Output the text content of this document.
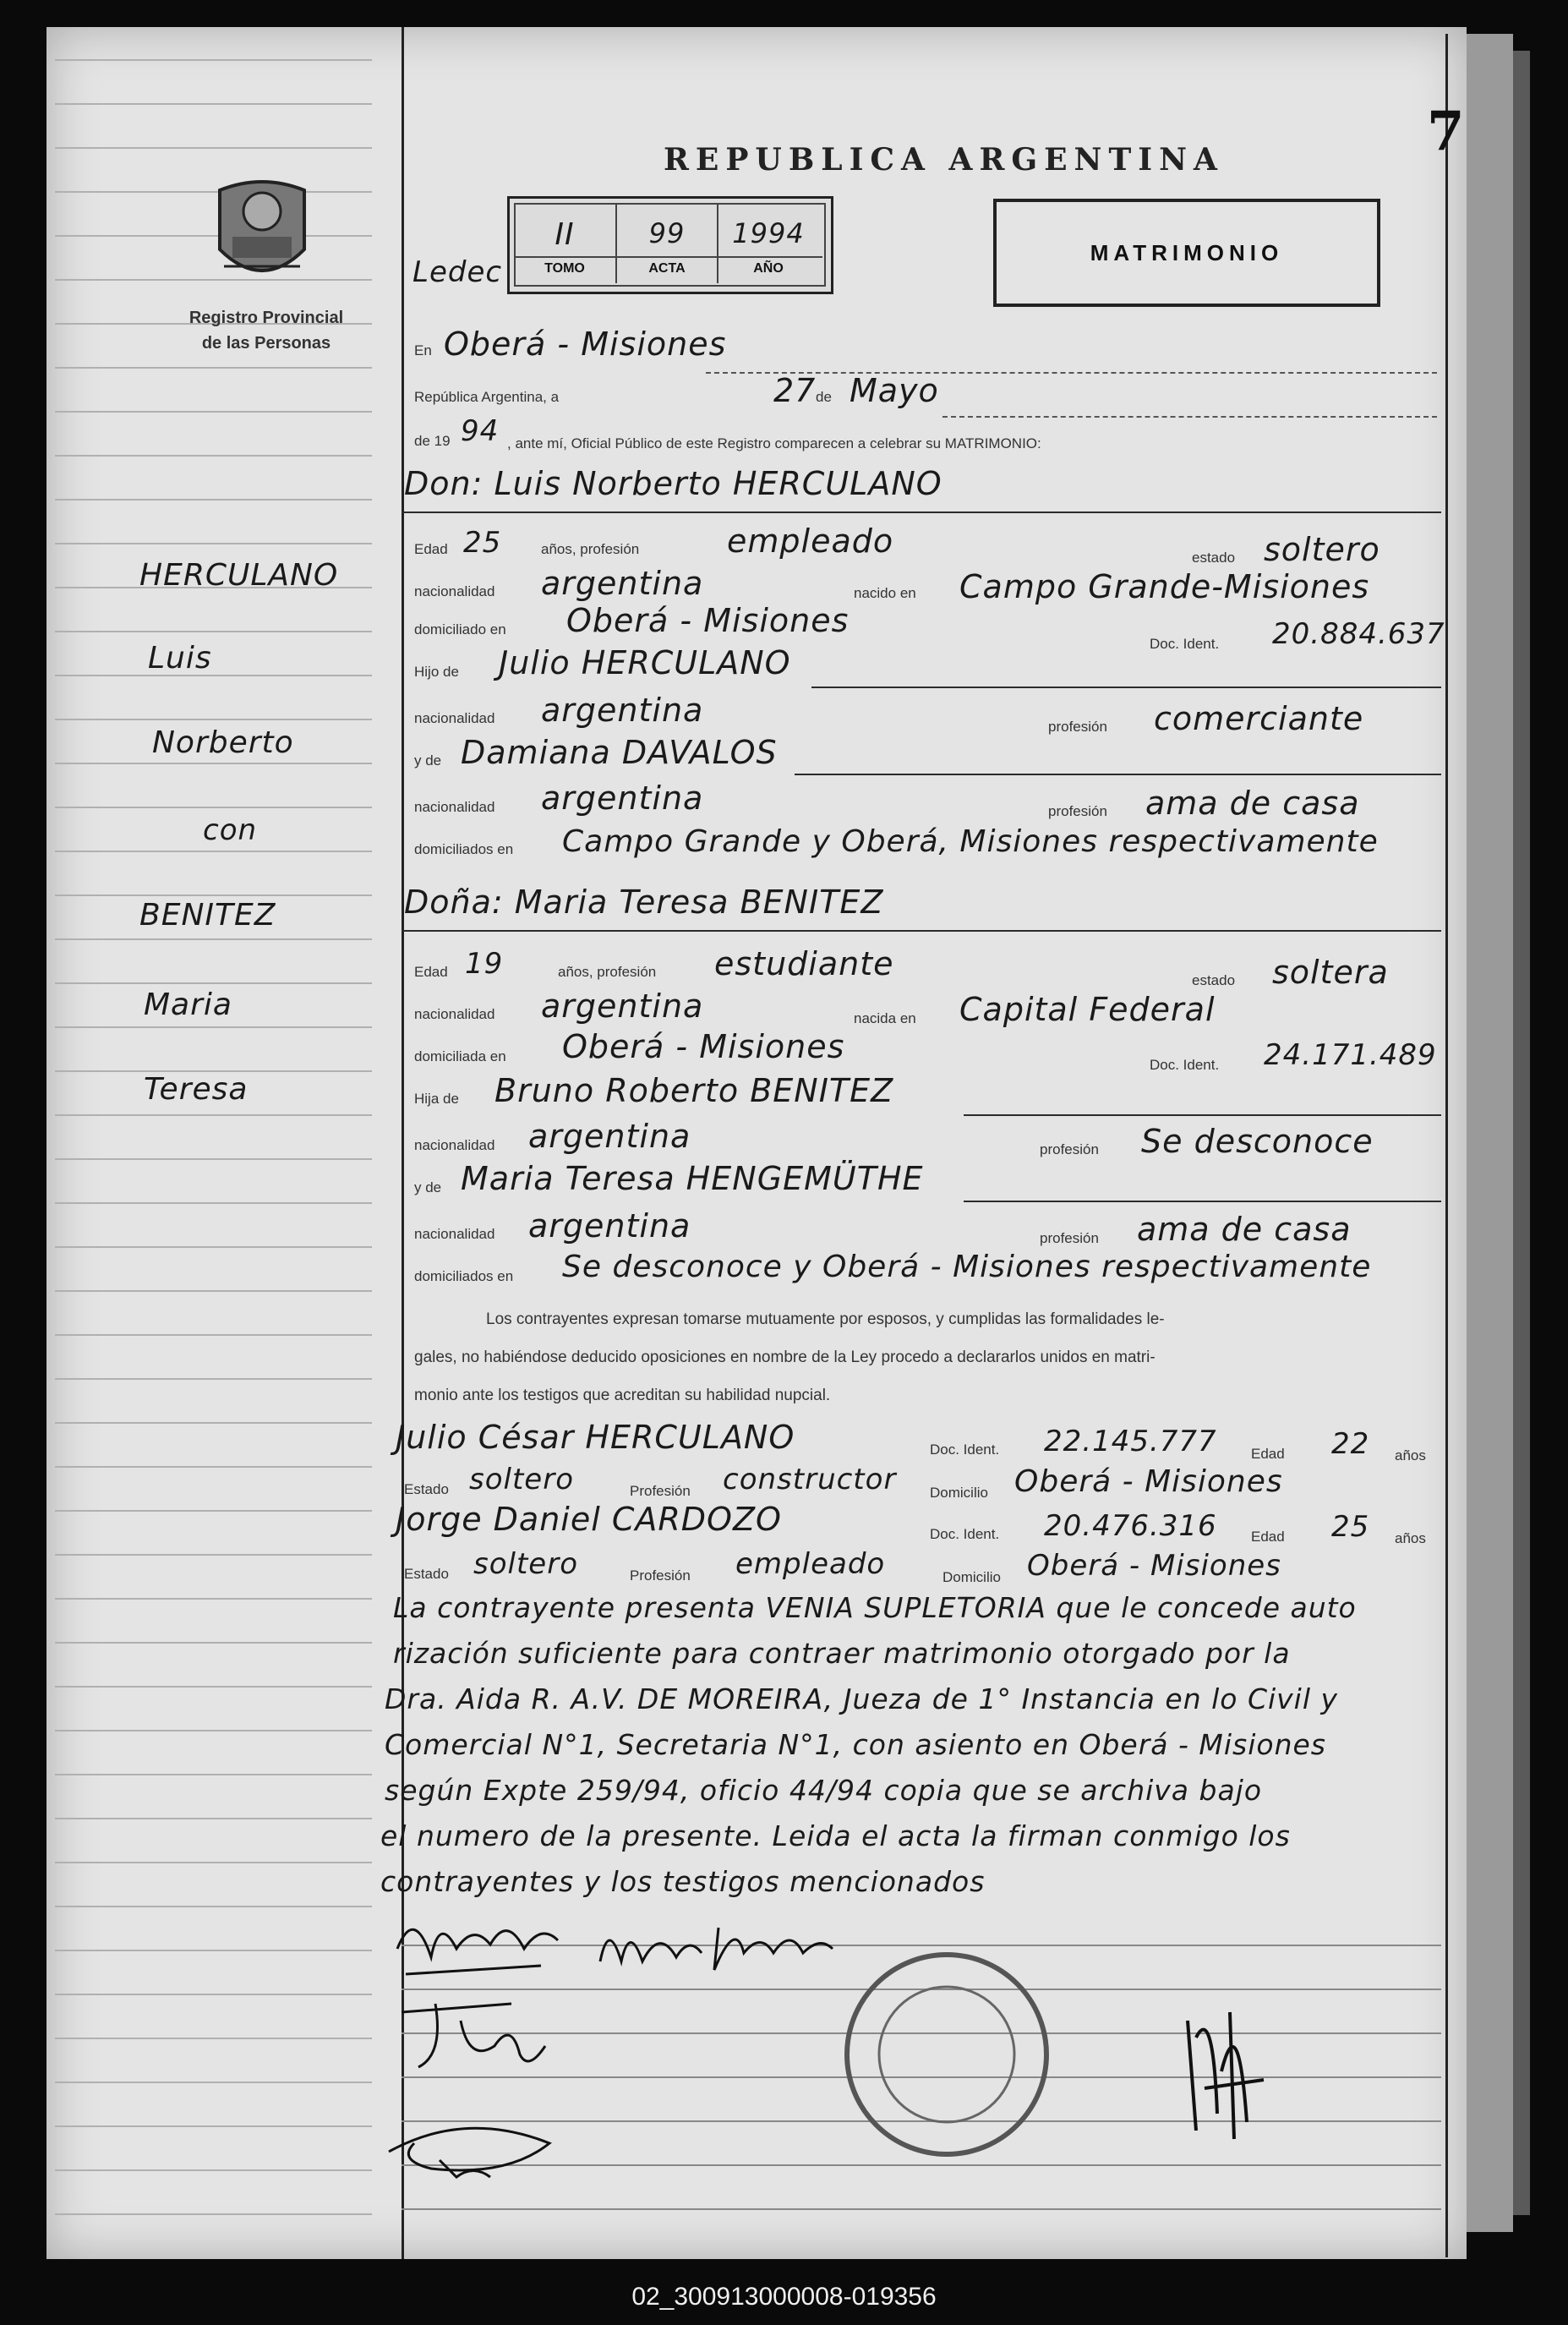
7
REPUBLICA ARGENTINA
Registro Provincial
de las Personas
Ledec
II	99	1994
TOMO	ACTA	AÑO
MATRIMONIO
HERCULANO
Luis
Norberto
con
BENITEZ
Maria
Teresa
En Oberá - Misiones
República Argentina, a	27 de Mayo
de 19 94 , ante mí, Oficial Público de este Registro comparecen a celebrar su MATRIMONIO:
Don: Luis Norberto HERCULANO
Edad 25	años, profesión	empleado	estado soltero
nacionalidad argentina	nacido en Campo Grande-Misiones
domiciliado en Oberá - Misiones
Doc. Ident. 20.884.637
Hijo de Julio HERCULANO
nacionalidad argentina	profesión comerciante
y de Damiana DAVALOS
nacionalidad argentina	profesión ama de casa
domiciliados en Campo Grande y Oberá, Misiones respectivamente
Doña: Maria Teresa BENITEZ
Edad 19	años, profesión estudiante	estado soltera
nacionalidad argentina	nacida en Capital Federal
domiciliada en Oberá - Misiones	Doc. Ident. 24.171.489
Hija de Bruno Roberto BENITEZ
nacionalidad argentina	profesión Se desconoce
y de Maria Teresa HENGEMÜTHE
nacionalidad argentina	profesión ama de casa
domiciliados en Se desconoce y Oberá - Misiones respectivamente
Los contrayentes expresan tomarse mutuamente por esposos, y cumplidas las formalidades le-
gales, no habiéndose deducido oposiciones en nombre de la Ley procedo a declararlos unidos en matri-
monio ante los testigos que acreditan su habilidad nupcial.
Julio César HERCULANO	Doc. Ident. 22.145.777 Edad 22 años
Estado soltero	Profesión constructor Domicilio Oberá - Misiones
Jorge Daniel CARDOZO	Doc. Ident. 20.476.316 Edad 25 años
Estado soltero	Profesión empleado	Domicilio Oberá - Misiones
La contrayente presenta VENIA SUPLETORIA que le concede auto
rización suficiente para contraer matrimonio otorgado por la
Dra. Aida R. A.V. DE MOREIRA, Jueza de 1° Instancia en lo Civil y
Comercial N°1, Secretaria N°1, con asiento en Oberá - Misiones
según Expte 259/94, oficio 44/94 copia que se archiva bajo
el numero de la presente. Leida el acta la firman conmigo los
contrayentes y los testigos mencionados
02_300913000008-019356
